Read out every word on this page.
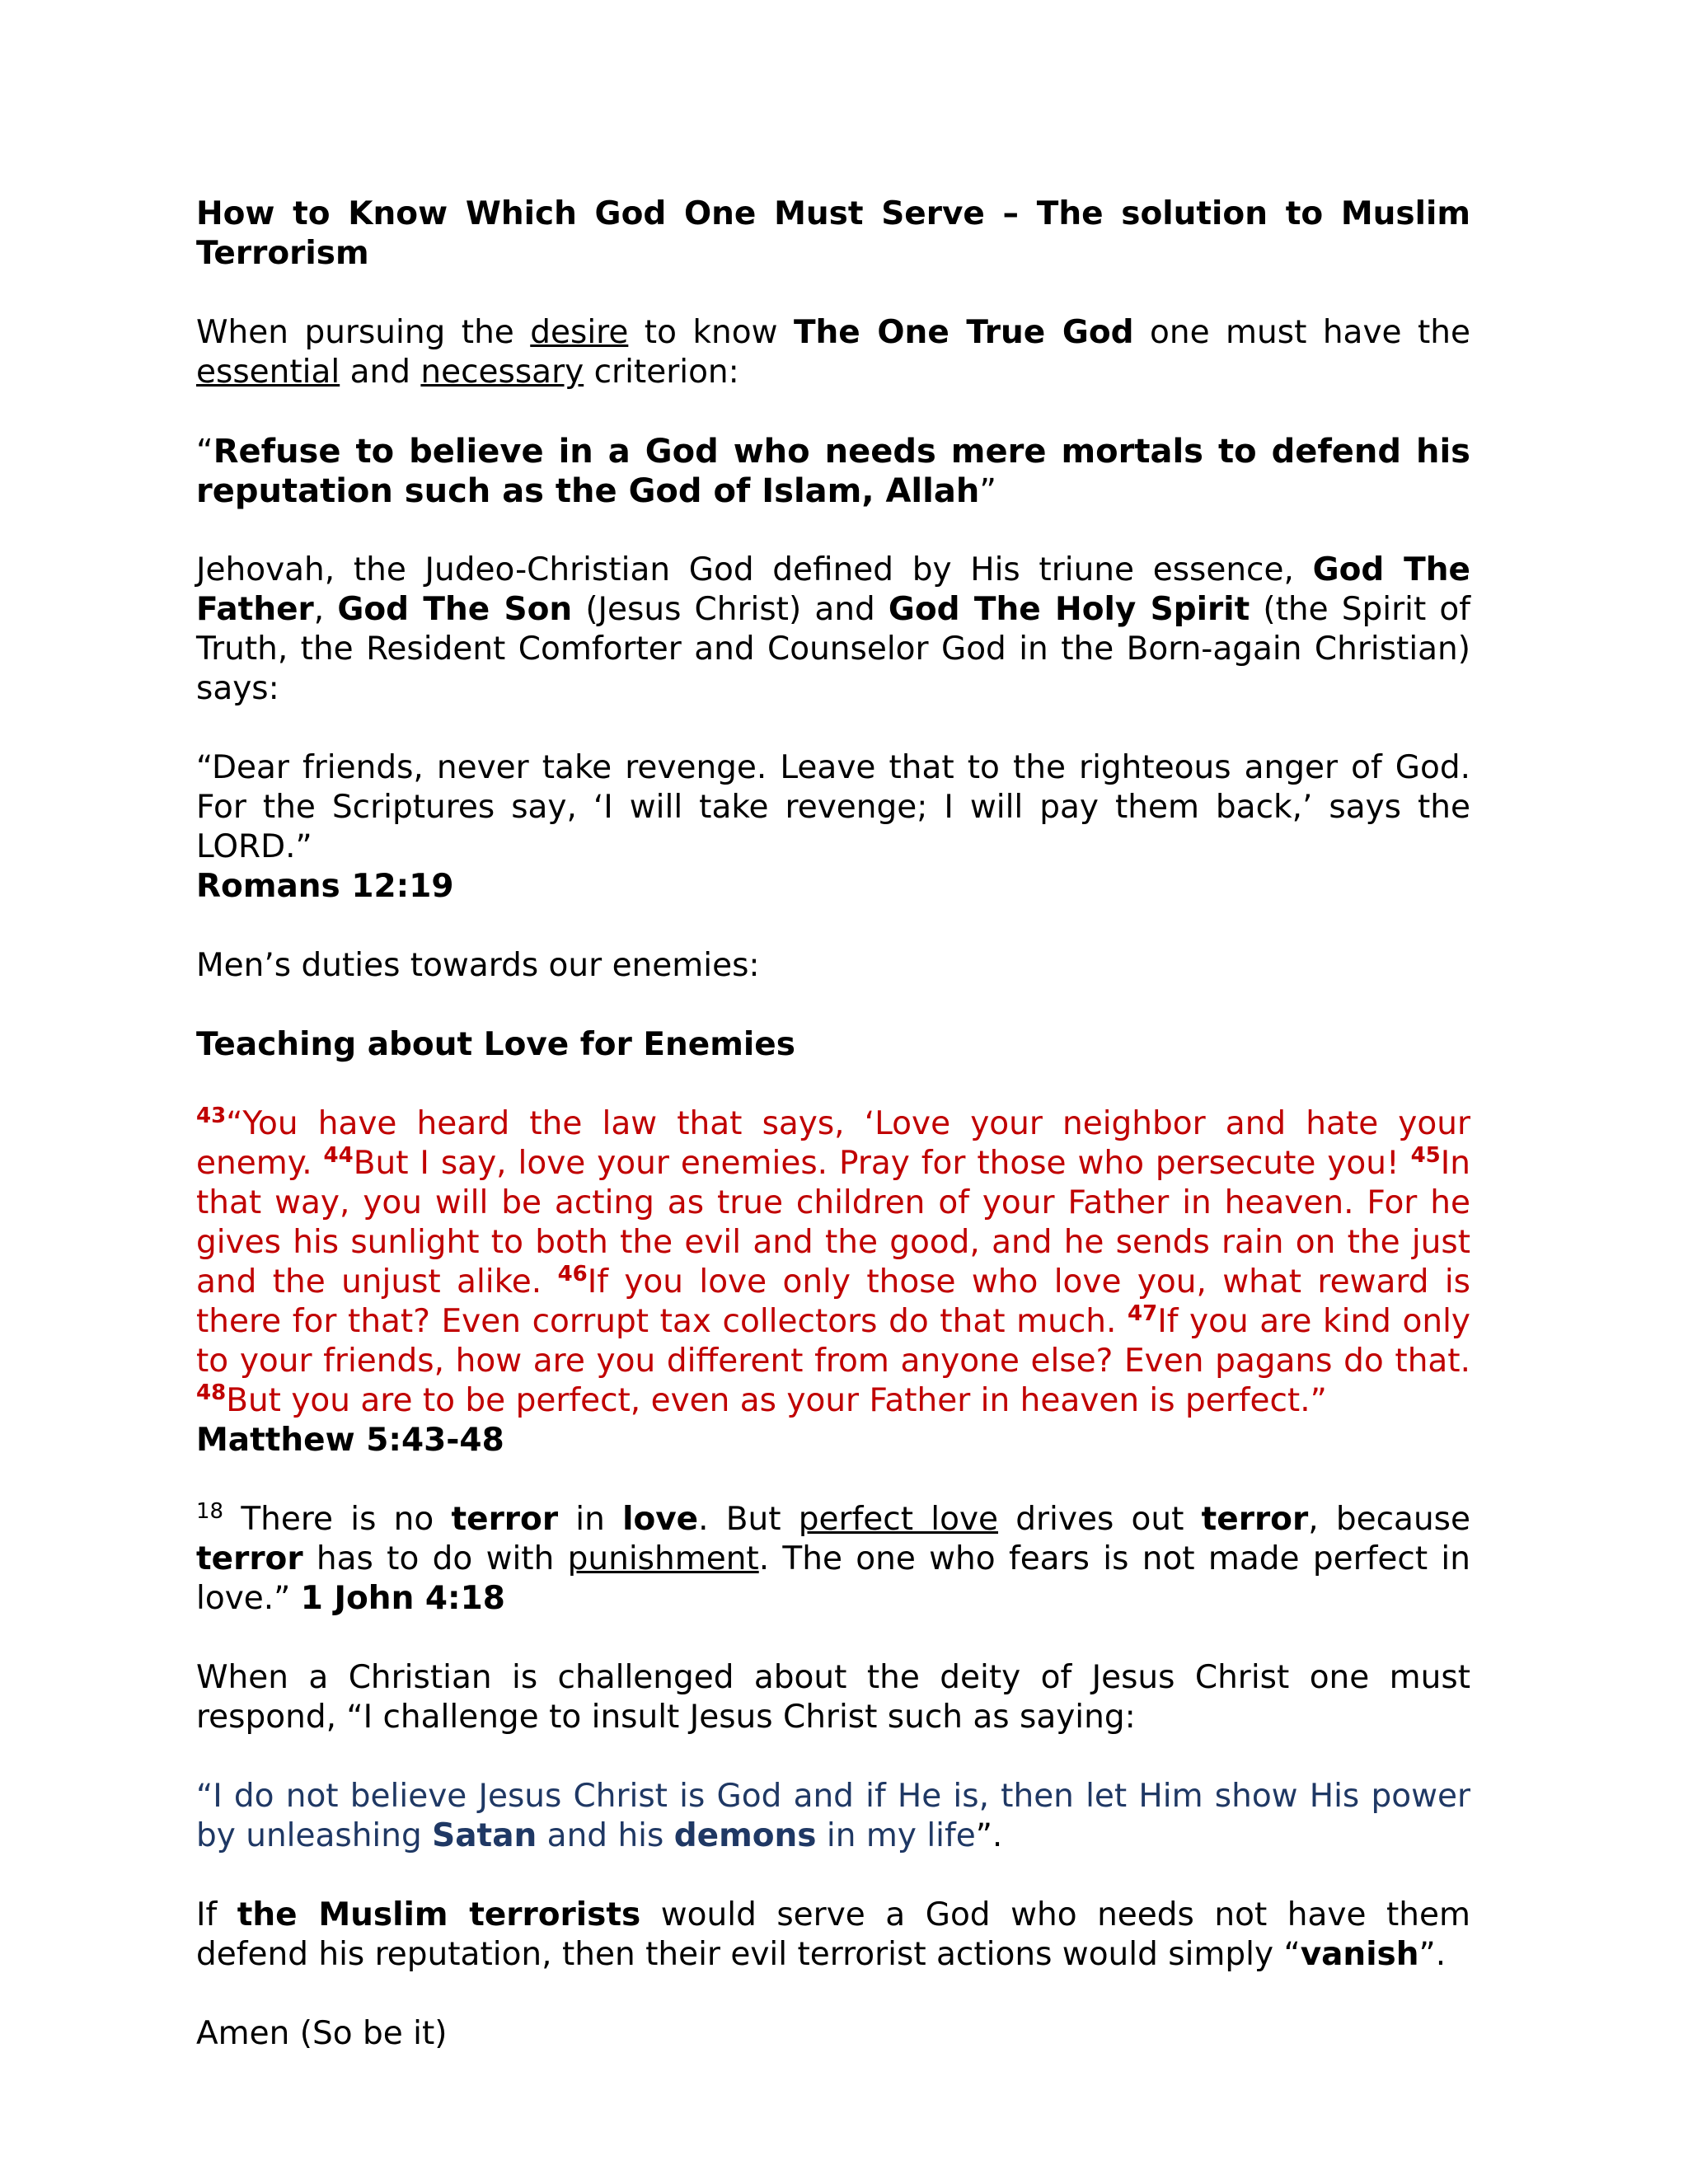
How to Know Which God One Must Serve – The solution to Muslim Terrorism

When pursuing the desire to know The One True God one must have the essential and necessary criterion:

“Refuse to believe in a God who needs mere mortals to defend his reputation such as the God of Islam, Allah”

Jehovah, the Judeo-Christian God defined by His triune essence, God The Father, God The Son (Jesus Christ) and God The Holy Spirit (the Spirit of Truth, the Resident Comforter and Counselor God in the Born-again Christian) says:

“Dear friends, never take revenge. Leave that to the righteous anger of God. For the Scriptures say, ‘I will take revenge; I will pay them back,’ says the LORD.”
Romans 12:19

Men’s duties towards our enemies:

Teaching about Love for Enemies

$^{43}$“You have heard the law that says, ‘Love your neighbor and hate your enemy. $^{44}$But I say, love your enemies. Pray for those who persecute you! $^{45}$In that way, you will be acting as true children of your Father in heaven. For he gives his sunlight to both the evil and the good, and he sends rain on the just and the unjust alike. $^{46}$If you love only those who love you, what reward is there for that? Even corrupt tax collectors do that much. $^{47}$If you are kind only to your friends, how are you different from anyone else? Even pagans do that. $^{48}$But you are to be perfect, even as your Father in heaven is perfect.”
Matthew 5:43-48

$^{18}$ There is no terror in love. But perfect love drives out terror, because terror has to do with punishment. The one who fears is not made perfect in love.” 1 John 4:18

When a Christian is challenged about the deity of Jesus Christ one must respond, “I challenge to insult Jesus Christ such as saying:

“I do not believe Jesus Christ is God and if He is, then let Him show His power by unleashing Satan and his demons in my life”.

If the Muslim terrorists would serve a God who needs not have them defend his reputation, then their evil terrorist actions would simply “vanish”.

Amen (So be it)
